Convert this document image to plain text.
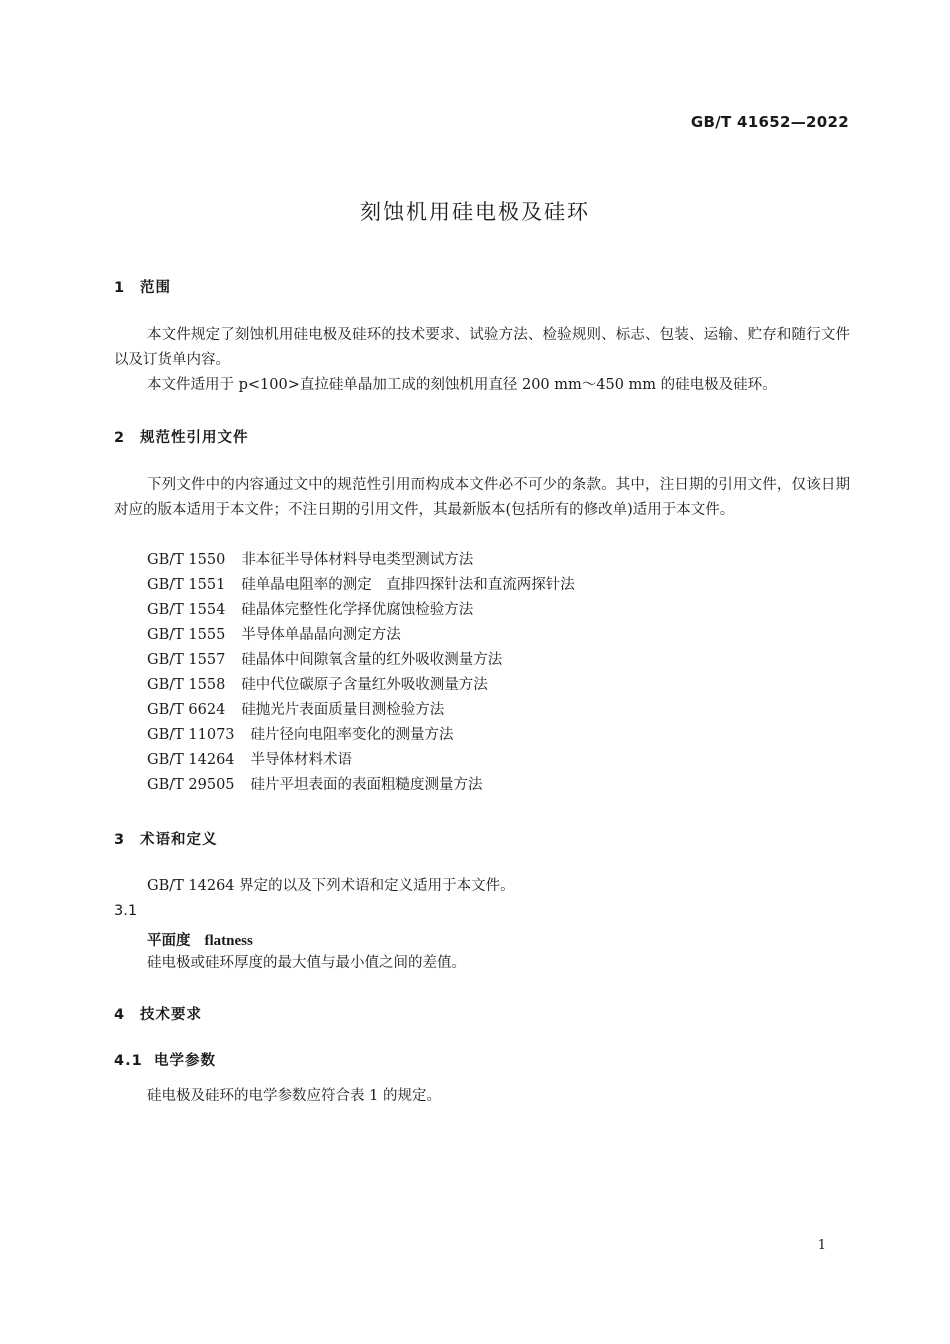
GB/T 41652—2022
刻蚀机用硅电极及硅环
1 范围
本文件规定了刻蚀机用硅电极及硅环的技术要求、试验方法、检验规则、标志、包装、运输、贮存和随行文件以及订货单内容。
本文件适用于 p<100>直拉硅单晶加工成的刻蚀机用直径 200 mm～450 mm 的硅电极及硅环。
2 规范性引用文件
下列文件中的内容通过文中的规范性引用而构成本文件必不可少的条款。其中，注日期的引用文件，仅该日期对应的版本适用于本文件；不注日期的引用文件，其最新版本(包括所有的修改单)适用于本文件。
GB/T 1550 非本征半导体材料导电类型测试方法
GB/T 1551 硅单晶电阻率的测定　直排四探针法和直流两探针法
GB/T 1554 硅晶体完整性化学择优腐蚀检验方法
GB/T 1555 半导体单晶晶向测定方法
GB/T 1557 硅晶体中间隙氧含量的红外吸收测量方法
GB/T 1558 硅中代位碳原子含量红外吸收测量方法
GB/T 6624 硅抛光片表面质量目测检验方法
GB/T 11073 硅片径向电阻率变化的测量方法
GB/T 14264 半导体材料术语
GB/T 29505 硅片平坦表面的表面粗糙度测量方法
3 术语和定义
GB/T 14264 界定的以及下列术语和定义适用于本文件。
3.1
平面度 flatness
硅电极或硅环厚度的最大值与最小值之间的差值。
4 技术要求
4.1 电学参数
硅电极及硅环的电学参数应符合表 1 的规定。
1
